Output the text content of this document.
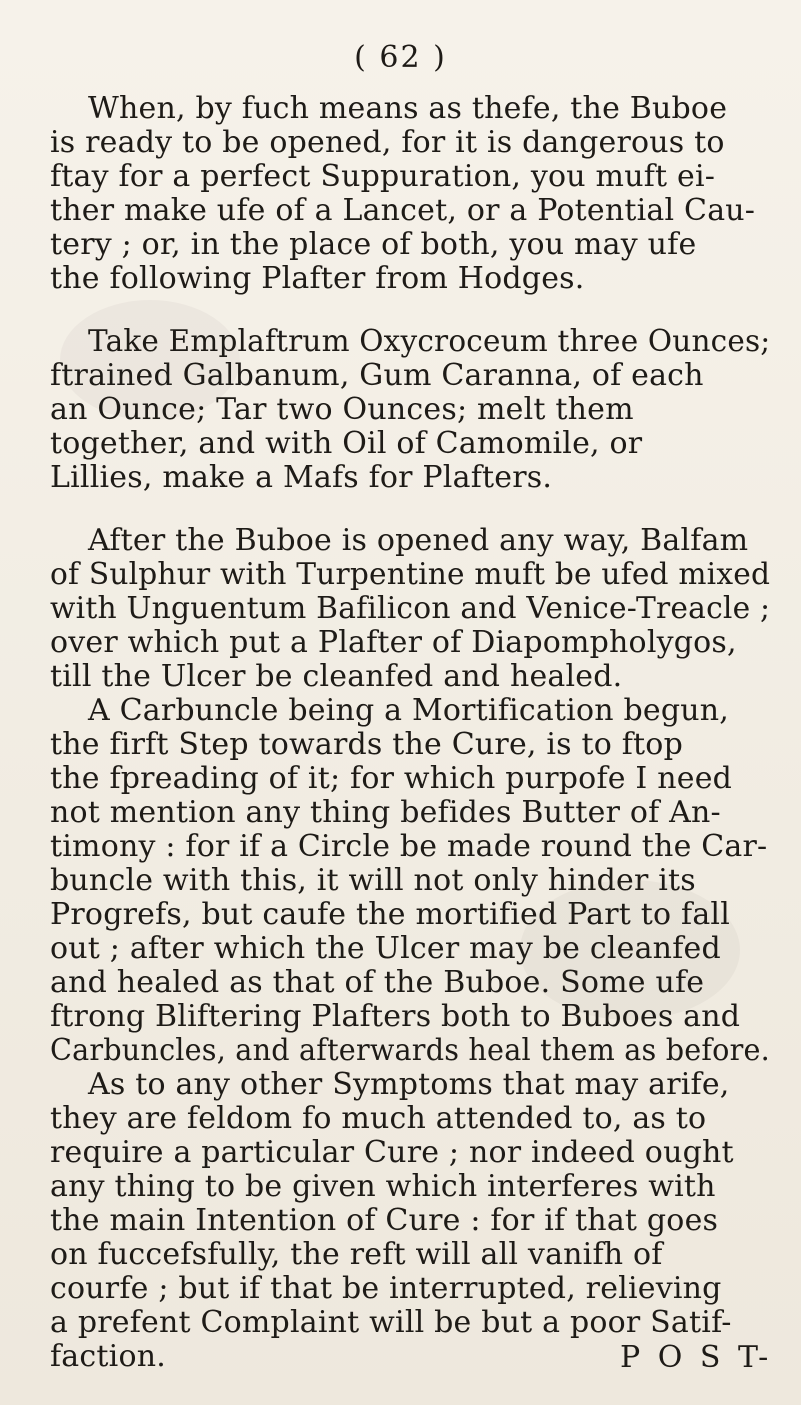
( 62 )
When, by fuch means as thefe, the Buboe
is ready to be opened, for it is dangerous to
ftay for a perfect Suppuration, you muft ei-
ther make ufe of a Lancet, or a Potential Cau-
tery ; or, in the place of both, you may ufe
the following Plafter from Hodges.
Take Emplaftrum Oxycroceum three Ounces;
ftrained Galbanum, Gum Caranna, of each
an Ounce; Tar two Ounces; melt them
together, and with Oil of Camomile, or
Lillies, make a Mafs for Plafters.
After the Buboe is opened any way, Balfam
of Sulphur with Turpentine muft be ufed mixed
with Unguentum Bafilicon and Venice-Treacle ;
over which put a Plafter of Diapompholygos,
till the Ulcer be cleanfed and healed.
A Carbuncle being a Mortification begun,
the firft Step towards the Cure, is to ftop
the fpreading of it; for which purpofe I need
not mention any thing befides Butter of An-
timony : for if a Circle be made round the Car-
buncle with this, it will not only hinder its
Progrefs, but caufe the mortified Part to fall
out ; after which the Ulcer may be cleanfed
and healed as that of the Buboe. Some ufe
ftrong Bliftering Plafters both to Buboes and
Carbuncles, and afterwards heal them as before.
As to any other Symptoms that may arife,
they are feldom fo much attended to, as to
require a particular Cure ; nor indeed ought
any thing to be given which interferes with
the main Intention of Cure : for if that goes
on fuccefsfully, the reft will all vanifh of
courfe ; but if that be interrupted, relieving
a prefent Complaint will be but a poor Satif-
faction.	P O S T-
